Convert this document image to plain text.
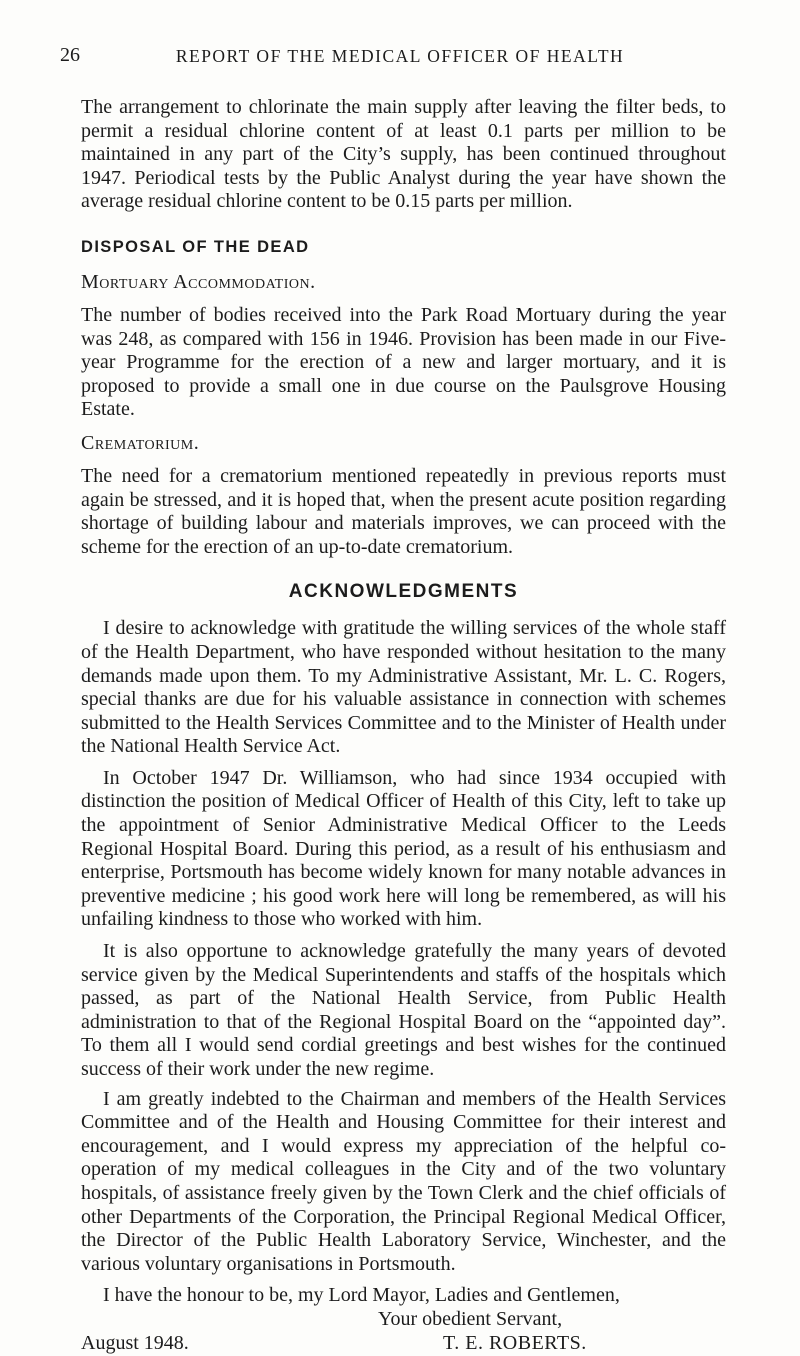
26	REPORT OF THE MEDICAL OFFICER OF HEALTH

The arrangement to chlorinate the main supply after leaving the filter beds, to permit a residual chlorine content of at least 0.1 parts per million to be maintained in any part of the City’s supply, has been continued throughout 1947. Periodical tests by the Public Analyst during the year have shown the average residual chlorine content to be 0.15 parts per million.

DISPOSAL OF THE DEAD
Mortuary Accommodation.

The number of bodies received into the Park Road Mortuary during the year was 248, as compared with 156 in 1946. Provision has been made in our Five-year Programme for the erection of a new and larger mortuary, and it is proposed to provide a small one in due course on the Paulsgrove Housing Estate.

Crematorium.

The need for a crematorium mentioned repeatedly in previous reports must again be stressed, and it is hoped that, when the present acute position regarding shortage of building labour and materials improves, we can proceed with the scheme for the erection of an up-to-date crematorium.

ACKNOWLEDGMENTS

I desire to acknowledge with gratitude the willing services of the whole staff of the Health Department, who have responded without hesitation to the many demands made upon them. To my Administrative Assistant, Mr. L. C. Rogers, special thanks are due for his valuable assistance in connection with schemes submitted to the Health Services Committee and to the Minister of Health under the National Health Service Act.

In October 1947 Dr. Williamson, who had since 1934 occupied with distinction the position of Medical Officer of Health of this City, left to take up the appointment of Senior Administrative Medical Officer to the Leeds Regional Hospital Board. During this period, as a result of his enthusiasm and enterprise, Portsmouth has become widely known for many notable advances in preventive medicine ; his good work here will long be remembered, as will his unfailing kindness to those who worked with him.

It is also opportune to acknowledge gratefully the many years of devoted service given by the Medical Superintendents and staffs of the hospitals which passed, as part of the National Health Service, from Public Health administration to that of the Regional Hospital Board on the “appointed day”. To them all I would send cordial greetings and best wishes for the continued success of their work under the new regime.

I am greatly indebted to the Chairman and members of the Health Services Committee and of the Health and Housing Committee for their interest and encouragement, and I would express my appreciation of the helpful co-operation of my medical colleagues in the City and of the two voluntary hospitals, of assistance freely given by the Town Clerk and the chief officials of other Departments of the Corporation, the Principal Regional Medical Officer, the Director of the Public Health Laboratory Service, Winchester, and the various voluntary organisations in Portsmouth.

I have the honour to be, my Lord Mayor, Ladies and Gentlemen,
Your obedient Servant,
August 1948.	T. E. ROBERTS.
